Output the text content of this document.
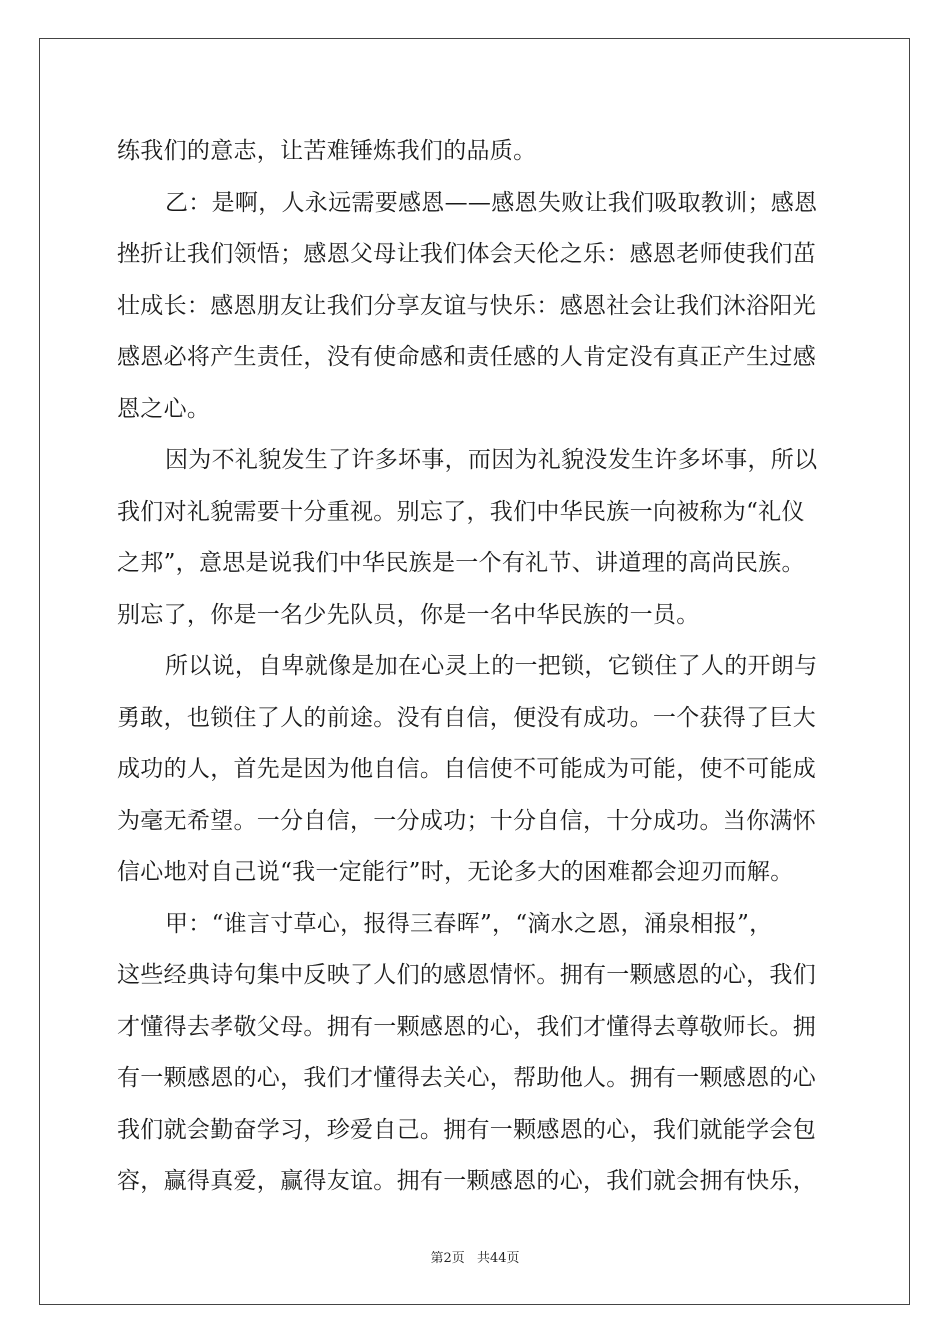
练我们的意志，让苦难锤炼我们的品质。
乙：是啊，人永远需要感恩——感恩失败让我们吸取教训；感恩
挫折让我们领悟；感恩父母让我们体会天伦之乐：感恩老师使我们茁
壮成长：感恩朋友让我们分享友谊与快乐：感恩社会让我们沐浴阳光
感恩必将产生责任，没有使命感和责任感的人肯定没有真正产生过感
恩之心。
因为不礼貌发生了许多坏事，而因为礼貌没发生许多坏事，所以
我们对礼貌需要十分重视。别忘了，我们中华民族一向被称为“礼仪
之邦”，意思是说我们中华民族是一个有礼节、讲道理的高尚民族。
别忘了，你是一名少先队员，你是一名中华民族的一员。
所以说，自卑就像是加在心灵上的一把锁，它锁住了人的开朗与
勇敢，也锁住了人的前途。没有自信，便没有成功。一个获得了巨大
成功的人，首先是因为他自信。自信使不可能成为可能，使不可能成
为毫无希望。一分自信，一分成功；十分自信，十分成功。当你满怀
信心地对自己说“我一定能行”时，无论多大的困难都会迎刃而解。
甲：“谁言寸草心，报得三春晖”，“滴水之恩，涌泉相报”，
这些经典诗句集中反映了人们的感恩情怀。拥有一颗感恩的心，我们
才懂得去孝敬父母。拥有一颗感恩的心，我们才懂得去尊敬师长。拥
有一颗感恩的心，我们才懂得去关心，帮助他人。拥有一颗感恩的心
我们就会勤奋学习，珍爱自己。拥有一颗感恩的心，我们就能学会包
容，赢得真爱，赢得友谊。拥有一颗感恩的心，我们就会拥有快乐，
第2页 共44页
